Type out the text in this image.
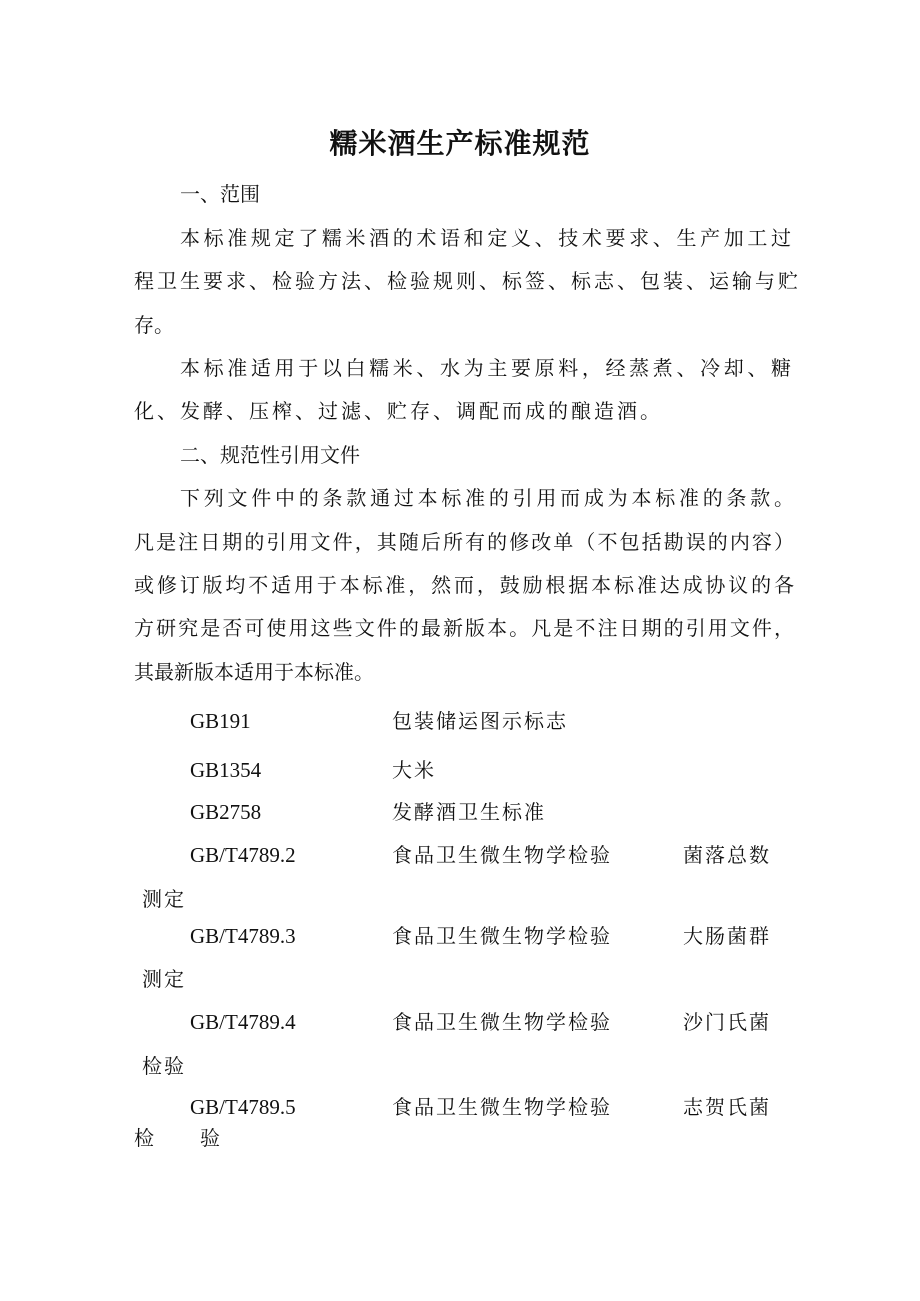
糯米酒生产标准规范
一、范围
本标准规定了糯米酒的术语和定义、技术要求、生产加工过
程卫生要求、检验方法、检验规则、标签、标志、包装、运输与贮
存。
本标准适用于以白糯米、水为主要原料，经蒸煮、冷却、糖
化、发酵、压榨、过滤、贮存、调配而成的酿造酒。
二、规范性引用文件
下列文件中的条款通过本标准的引用而成为本标准的条款。
凡是注日期的引用文件，其随后所有的修改单（不包括勘误的内容）
或修订版均不适用于本标准，然而，鼓励根据本标准达成协议的各
方研究是否可使用这些文件的最新版本。凡是不注日期的引用文件，
其最新版本适用于本标准。
GB191	包装储运图示标志
GB1354	大米
GB2758	发酵酒卫生标准
GB/T4789.2	食品卫生微生物学检验	菌落总数
测定
GB/T4789.3	食品卫生微生物学检验	大肠菌群
测定
GB/T4789.4	食品卫生微生物学检验	沙门氏菌
检验
GB/T4789.5	食品卫生微生物学检验	志贺氏菌
检　　验
